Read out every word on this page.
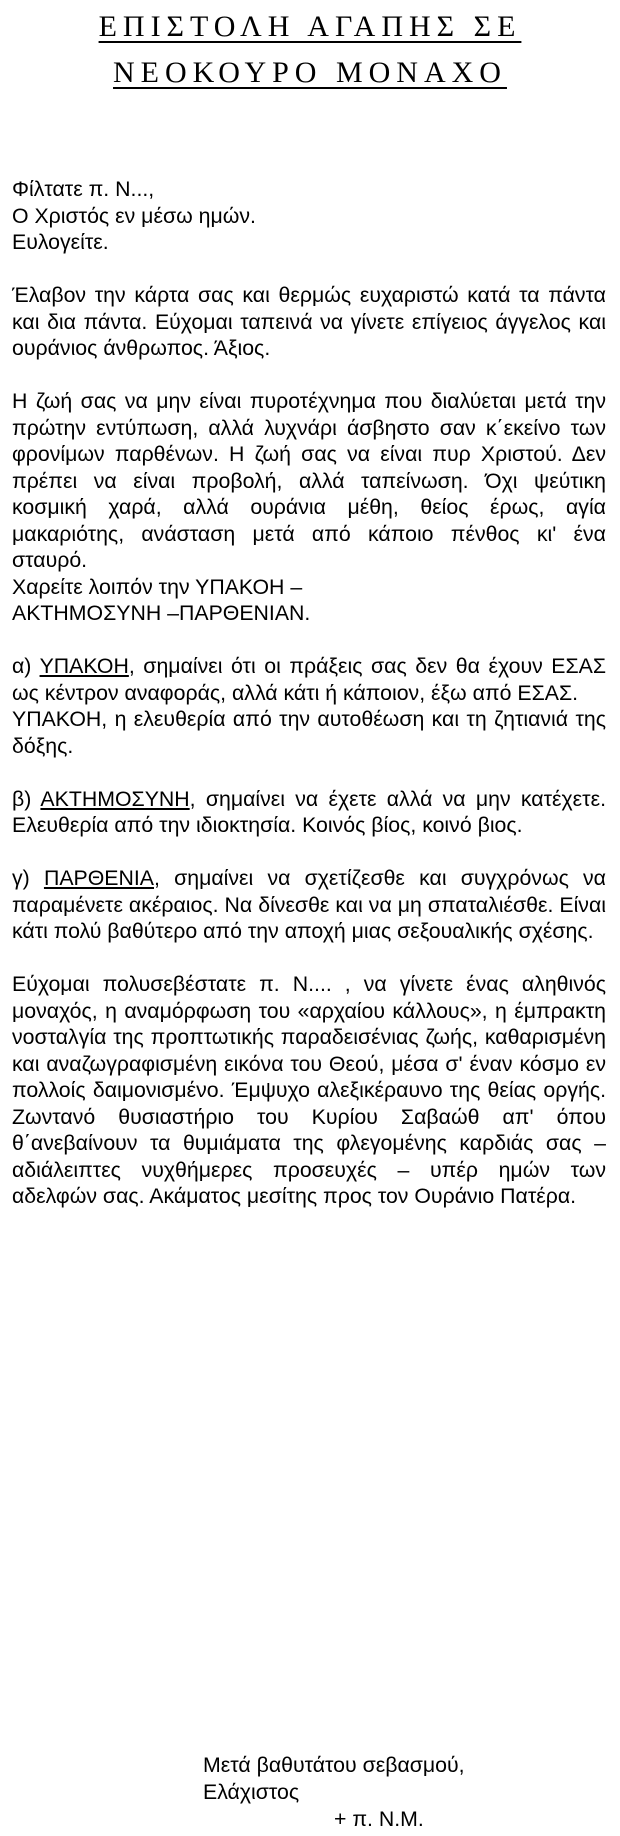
ΕΠΙΣΤΟΛΗ ΑΓΑΠΗΣ ΣΕ
ΝΕΟΚΟΥΡΟ ΜΟΝΑΧΟ

Φίλτατε π. Ν...,
Ο Χριστός εν μέσω ημών.
Ευλογείτε.

Έλαβον την κάρτα σας και θερμώς ευχαριστώ κατά τα πάντα και δια πάντα. Εύχομαι ταπεινά να γίνετε επίγειος άγγελος και ουράνιος άνθρωπος. Άξιος.

Η ζωή σας να μην είναι πυροτέχνημα που διαλύεται μετά την πρώτην εντύπωση, αλλά λυχνάρι άσβηστο σαν κ΄εκείνο των φρονίμων παρθένων. Η ζωή σας να είναι πυρ Χριστού. Δεν πρέπει να είναι προβολή, αλλά ταπείνωση. Όχι ψεύτικη κοσμική χαρά, αλλά ουράνια μέθη, θείος έρως, αγία μακαριότης, ανάσταση μετά από κάποιο πένθος κι' ένα σταυρό.
Χαρείτε λοιπόν την ΥΠΑΚΟΗ –
ΑΚΤΗΜΟΣΥΝΗ –ΠΑΡΘΕΝΙΑΝ.

α) ΥΠΑΚΟΗ, σημαίνει ότι οι πράξεις σας δεν θα έχουν ΕΣΑΣ ως κέντρον αναφοράς, αλλά κάτι ή κάποιον, έξω από ΕΣΑΣ.
ΥΠΑΚΟΗ, η ελευθερία από την αυτοθέωση και τη ζητιανιά της δόξης.

β) ΑΚΤΗΜΟΣΥΝΗ, σημαίνει να έχετε αλλά να μην κατέχετε. Ελευθερία από την ιδιοκτησία. Κοινός βίος, κοινό βιος.

γ) ΠΑΡΘΕΝΙΑ, σημαίνει να σχετίζεσθε και συγχρόνως να παραμένετε ακέραιος. Να δίνεσθε και να μη σπαταλιέσθε. Είναι κάτι πολύ βαθύτερο από την αποχή μιας σεξουαλικής σχέσης.

Εύχομαι πολυσεβέστατε π. Ν.... , να γίνετε ένας αληθινός μοναχός, η αναμόρφωση του «αρχαίου κάλλους», η έμπρακτη νοσταλγία της προπτωτικής παραδεισένιας ζωής, καθαρισμένη και αναζωγραφισμένη εικόνα του Θεού, μέσα σ' έναν κόσμο εν πολλοίς δαιμονισμένο. Έμψυχο αλεξικέραυνο της θείας οργής. Ζωντανό θυσιαστήριο του Κυρίου Σαβαώθ απ' όπου θ΄ανεβαίνουν τα θυμιάματα της φλεγομένης καρδιάς σας – αδιάλειπτες νυχθήμερες προσευχές – υπέρ ημών των αδελφών σας. Ακάματος μεσίτης προς τον Ουράνιο Πατέρα.

Μετά βαθυτάτου σεβασμού,
Ελάχιστος
+ π. Ν.Μ.
